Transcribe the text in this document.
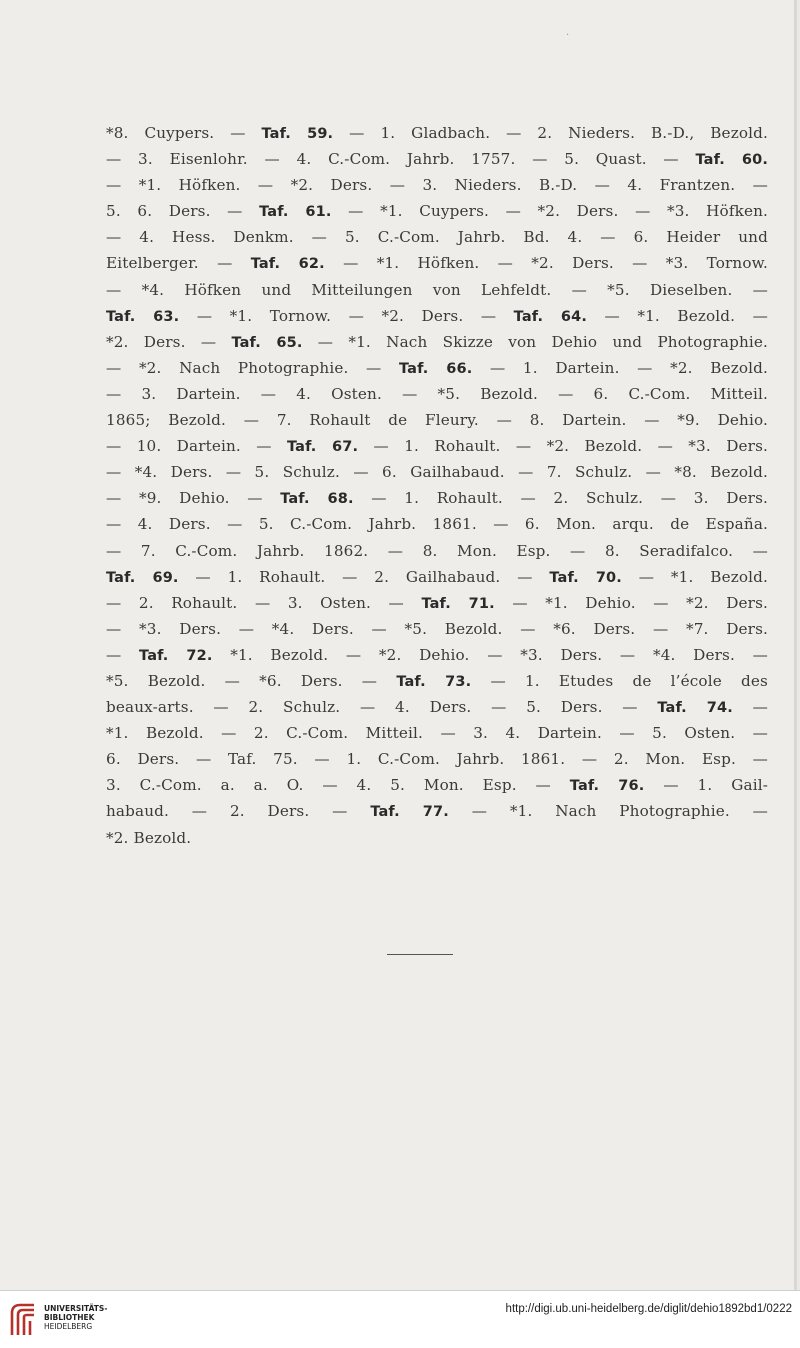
·
*8. Cuypers. — Taf. 59. — 1. Gladbach. — 2. Nieders. B.-D., Bezold.
— 3. Eisenlohr. — 4. C.-Com. Jahrb. 1757. — 5. Quast. — Taf. 60.
— *1. Höfken. — *2. Ders. — 3. Nieders. B.-D. — 4. Frantzen. —
5. 6. Ders. — Taf. 61. — *1. Cuypers. — *2. Ders. — *3. Höfken.
— 4. Hess. Denkm. — 5. C.-Com. Jahrb. Bd. 4. — 6. Heider und
Eitelberger. — Taf. 62. — *1. Höfken. — *2. Ders. — *3. Tornow.
— *4. Höfken und Mitteilungen von Lehfeldt. — *5. Dieselben. —
Taf. 63. — *1. Tornow. — *2. Ders. — Taf. 64. — *1. Bezold. —
*2. Ders. — Taf. 65. — *1. Nach Skizze von Dehio und Photographie.
— *2. Nach Photographie. — Taf. 66. — 1. Dartein. — *2. Bezold.
— 3. Dartein. — 4. Osten. — *5. Bezold. — 6. C.-Com. Mitteil.
1865; Bezold. — 7. Rohault de Fleury. — 8. Dartein. — *9. Dehio.
— 10. Dartein. — Taf. 67. — 1. Rohault. — *2. Bezold. — *3. Ders.
— *4. Ders. — 5. Schulz. — 6. Gailhabaud. — 7. Schulz. — *8. Bezold.
— *9. Dehio. — Taf. 68. — 1. Rohault. — 2. Schulz. — 3. Ders.
— 4. Ders. — 5. C.-Com. Jahrb. 1861. — 6. Mon. arqu. de España.
— 7. C.-Com. Jahrb. 1862. — 8. Mon. Esp. — 8. Seradifalco. —
Taf. 69. — 1. Rohault. — 2. Gailhabaud. — Taf. 70. — *1. Bezold.
— 2. Rohault. — 3. Osten. — Taf. 71. — *1. Dehio. — *2. Ders.
— *3. Ders. — *4. Ders. — *5. Bezold. — *6. Ders. — *7. Ders.
— Taf. 72. *1. Bezold. — *2. Dehio. — *3. Ders. — *4. Ders. —
*5. Bezold. — *6. Ders. — Taf. 73. — 1. Etudes de l’école des
beaux-arts. — 2. Schulz. — 4. Ders. — 5. Ders. — Taf. 74. —
*1. Bezold. — 2. C.-Com. Mitteil. — 3. 4. Dartein. — 5. Osten. —
6. Ders. — Taf. 75. — 1. C.-Com. Jahrb. 1861. — 2. Mon. Esp. —
3. C.-Com. a. a. O. — 4. 5. Mon. Esp. — Taf. 76. — 1. Gail-
habaud. — 2. Ders. — Taf. 77. — *1. Nach Photographie. —
*2. Bezold.
UNIVERSITÄTS-
BIBLIOTHEK
HEIDELBERG
http://digi.ub.uni-heidelberg.de/diglit/dehio1892bd1/0222
